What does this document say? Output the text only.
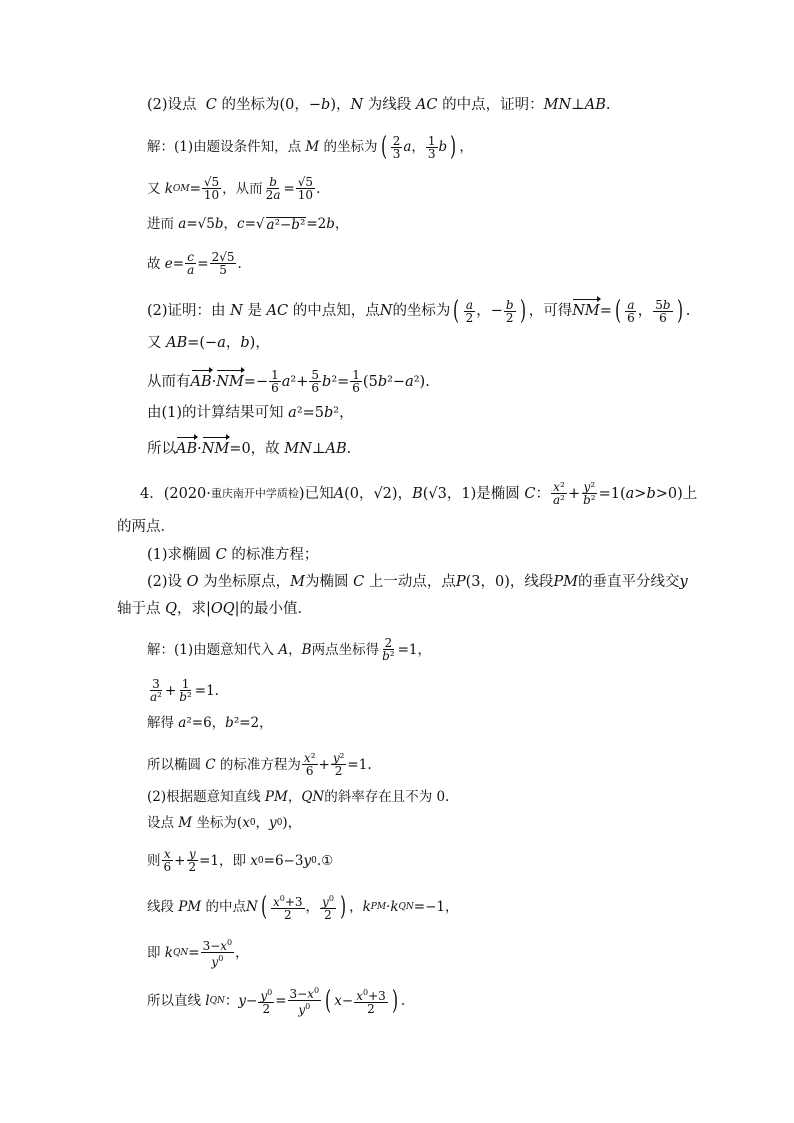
(2)设点  C 的坐标为(0，−b)，N 为线段 AC 的中点，证明：MN⊥AB.
解：(1)由题设条件知，点 M 的坐标为 ( $\frac{2}{3}$ a ， $\frac{1}{3}$ b ) ，
又 k OM = $\frac{√5}{10}$ ，从而 $\frac{b}{2a} = \frac{√5}{10}$ .
进而 a =√5 b ， c =√ a²−b² =2 b ，
故 $e = \frac{c}{a} = \frac{2√5}{5}$ .
(2)证明：由 N 是 AC 的中点知，点 N 的坐标为 ( $\frac{a}{2}$ ，− $\frac{b}{2}$ ) ，可得 NM = ( $\frac{a}{6}$ ， $\frac{5b}{6}$ ) .
又 AB =(− a ， b )，
从而有 AB · NM =− $\frac{1}{6}$ a $^2+ \frac{5}{6}$ b $^2= \frac{1}{6} (5$ b ²− a ²).
由(1)的计算结果可知 a ²=5 b ²，
所以 AB · NM =0，故 MN ⊥ AB .
4．(2020· 重庆南开中学质检 )已知 A (0，√2)， B (√3，1)是椭圆 C ： $\frac{\text{x²}}{\text{a²}} + \frac{\text{y²}}{\text{b²}} =1$( a > b >0)上
的两点．
(1)求椭圆 C 的标准方程；
(2)设 O 为坐标原点， M 为椭圆 C 上一动点，点 P (3，0)，线段 PM 的垂直平分线交 y
轴于点 Q ，求| OQ |的最小值．
解：(1)由题意知代入 A ， B 两点坐标得 $\frac{2}{\text{b²}} =1$，
$\frac{3}{\text{a²}} + \frac{1}{\text{b²}} =1$.
解得 a ²=6， b ²=2，
所以椭圆 C 的标准方程为 $\frac{\text{x²}}{6} + \frac{\text{y²}}{2} =1$.
(2)根据题意知直线 PM ， QN 的斜率存在且不为 0.
设点 M 坐标为( x 0 ， y 0 )，
则 $\frac{x}{6} + \frac{y}{2} =1$，即 x 0 =6−3 y 0 .①
线段 PM 的中点 N ( $\frac{x^0+3}{2}$ ， $\frac{y^0}{2}$ ) ， k PM · k QN =−1，
即 k QN = $\frac{3-x^0}{y^0}$ ，
所以直线 l QN ： $y - \frac{y^0}{2} = \frac{3-x^0}{y^0}$ ( $x - \frac{x^0+3}{2}$ ) .
